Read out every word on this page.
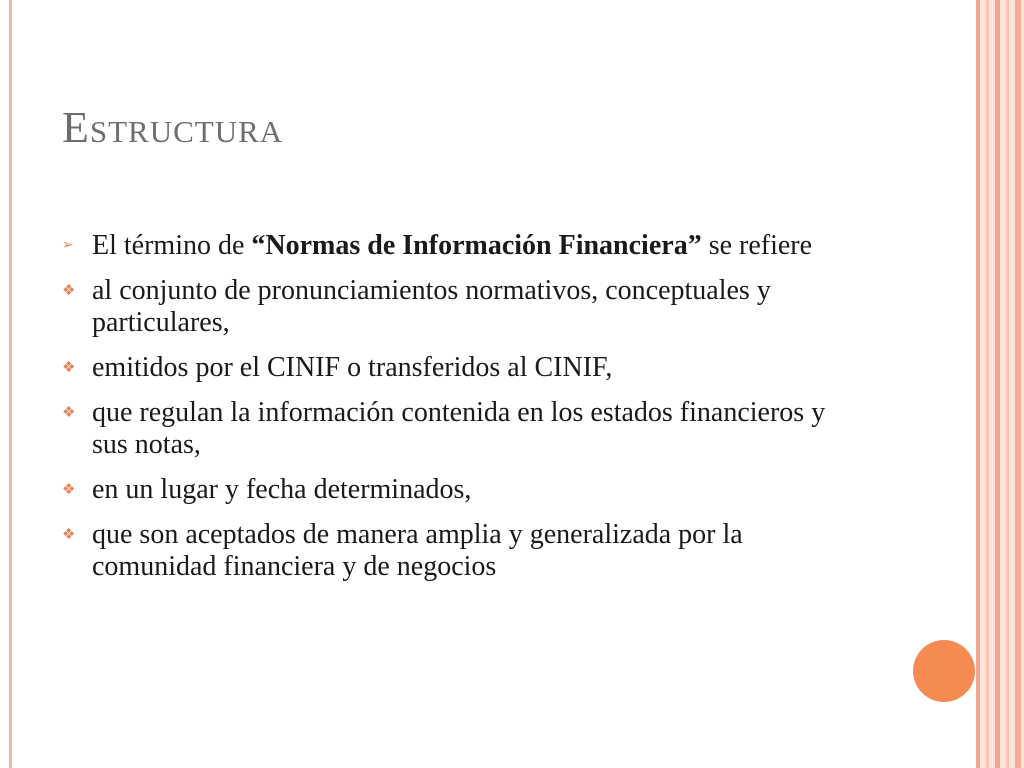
Estructura
➢ El término de “Normas de Información Financiera” se refiere
❖ al conjunto de pronunciamientos normativos, conceptuales y particulares,
❖ emitidos por el CINIF o transferidos al CINIF,
❖ que regulan la información contenida en los estados financieros y sus notas,
❖ en un lugar y fecha determinados,
❖ que son aceptados de manera amplia y generalizada por la comunidad financiera y de negocios
